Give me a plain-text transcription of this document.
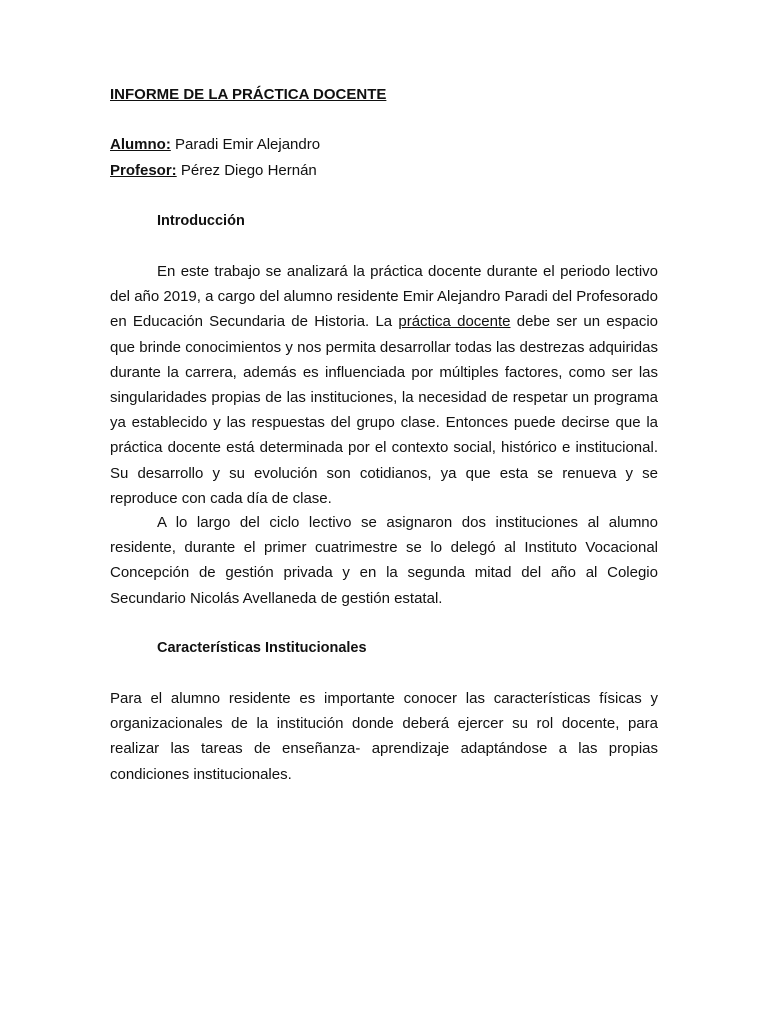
INFORME DE LA PRÁCTICA DOCENTE

Alumno: Paradi Emir Alejandro

Profesor: Pérez Diego Hernán

Introducción

En este trabajo se analizará la práctica docente durante el periodo lectivo del año 2019, a cargo del alumno residente Emir Alejandro Paradi del Profesorado en Educación Secundaria de Historia. La práctica docente debe ser un espacio que brinde conocimientos y nos permita desarrollar todas las destrezas adquiridas durante la carrera, además es influenciada por múltiples factores, como ser las singularidades propias de las instituciones, la necesidad de respetar un programa ya establecido y las respuestas del grupo clase. Entonces puede decirse que la práctica docente está determinada por el contexto social, histórico e institucional. Su desarrollo y su evolución son cotidianos, ya que esta se renueva y se reproduce con cada día de clase.

A lo largo del ciclo lectivo se asignaron dos instituciones al alumno residente, durante el primer cuatrimestre se lo delegó al Instituto Vocacional Concepción de gestión privada y en la segunda mitad del año al Colegio Secundario Nicolás Avellaneda de gestión estatal.

Características Institucionales

Para el alumno residente es importante conocer las características físicas y organizacionales de la institución donde deberá ejercer su rol docente, para realizar las tareas de enseñanza- aprendizaje adaptándose a las propias condiciones institucionales.
